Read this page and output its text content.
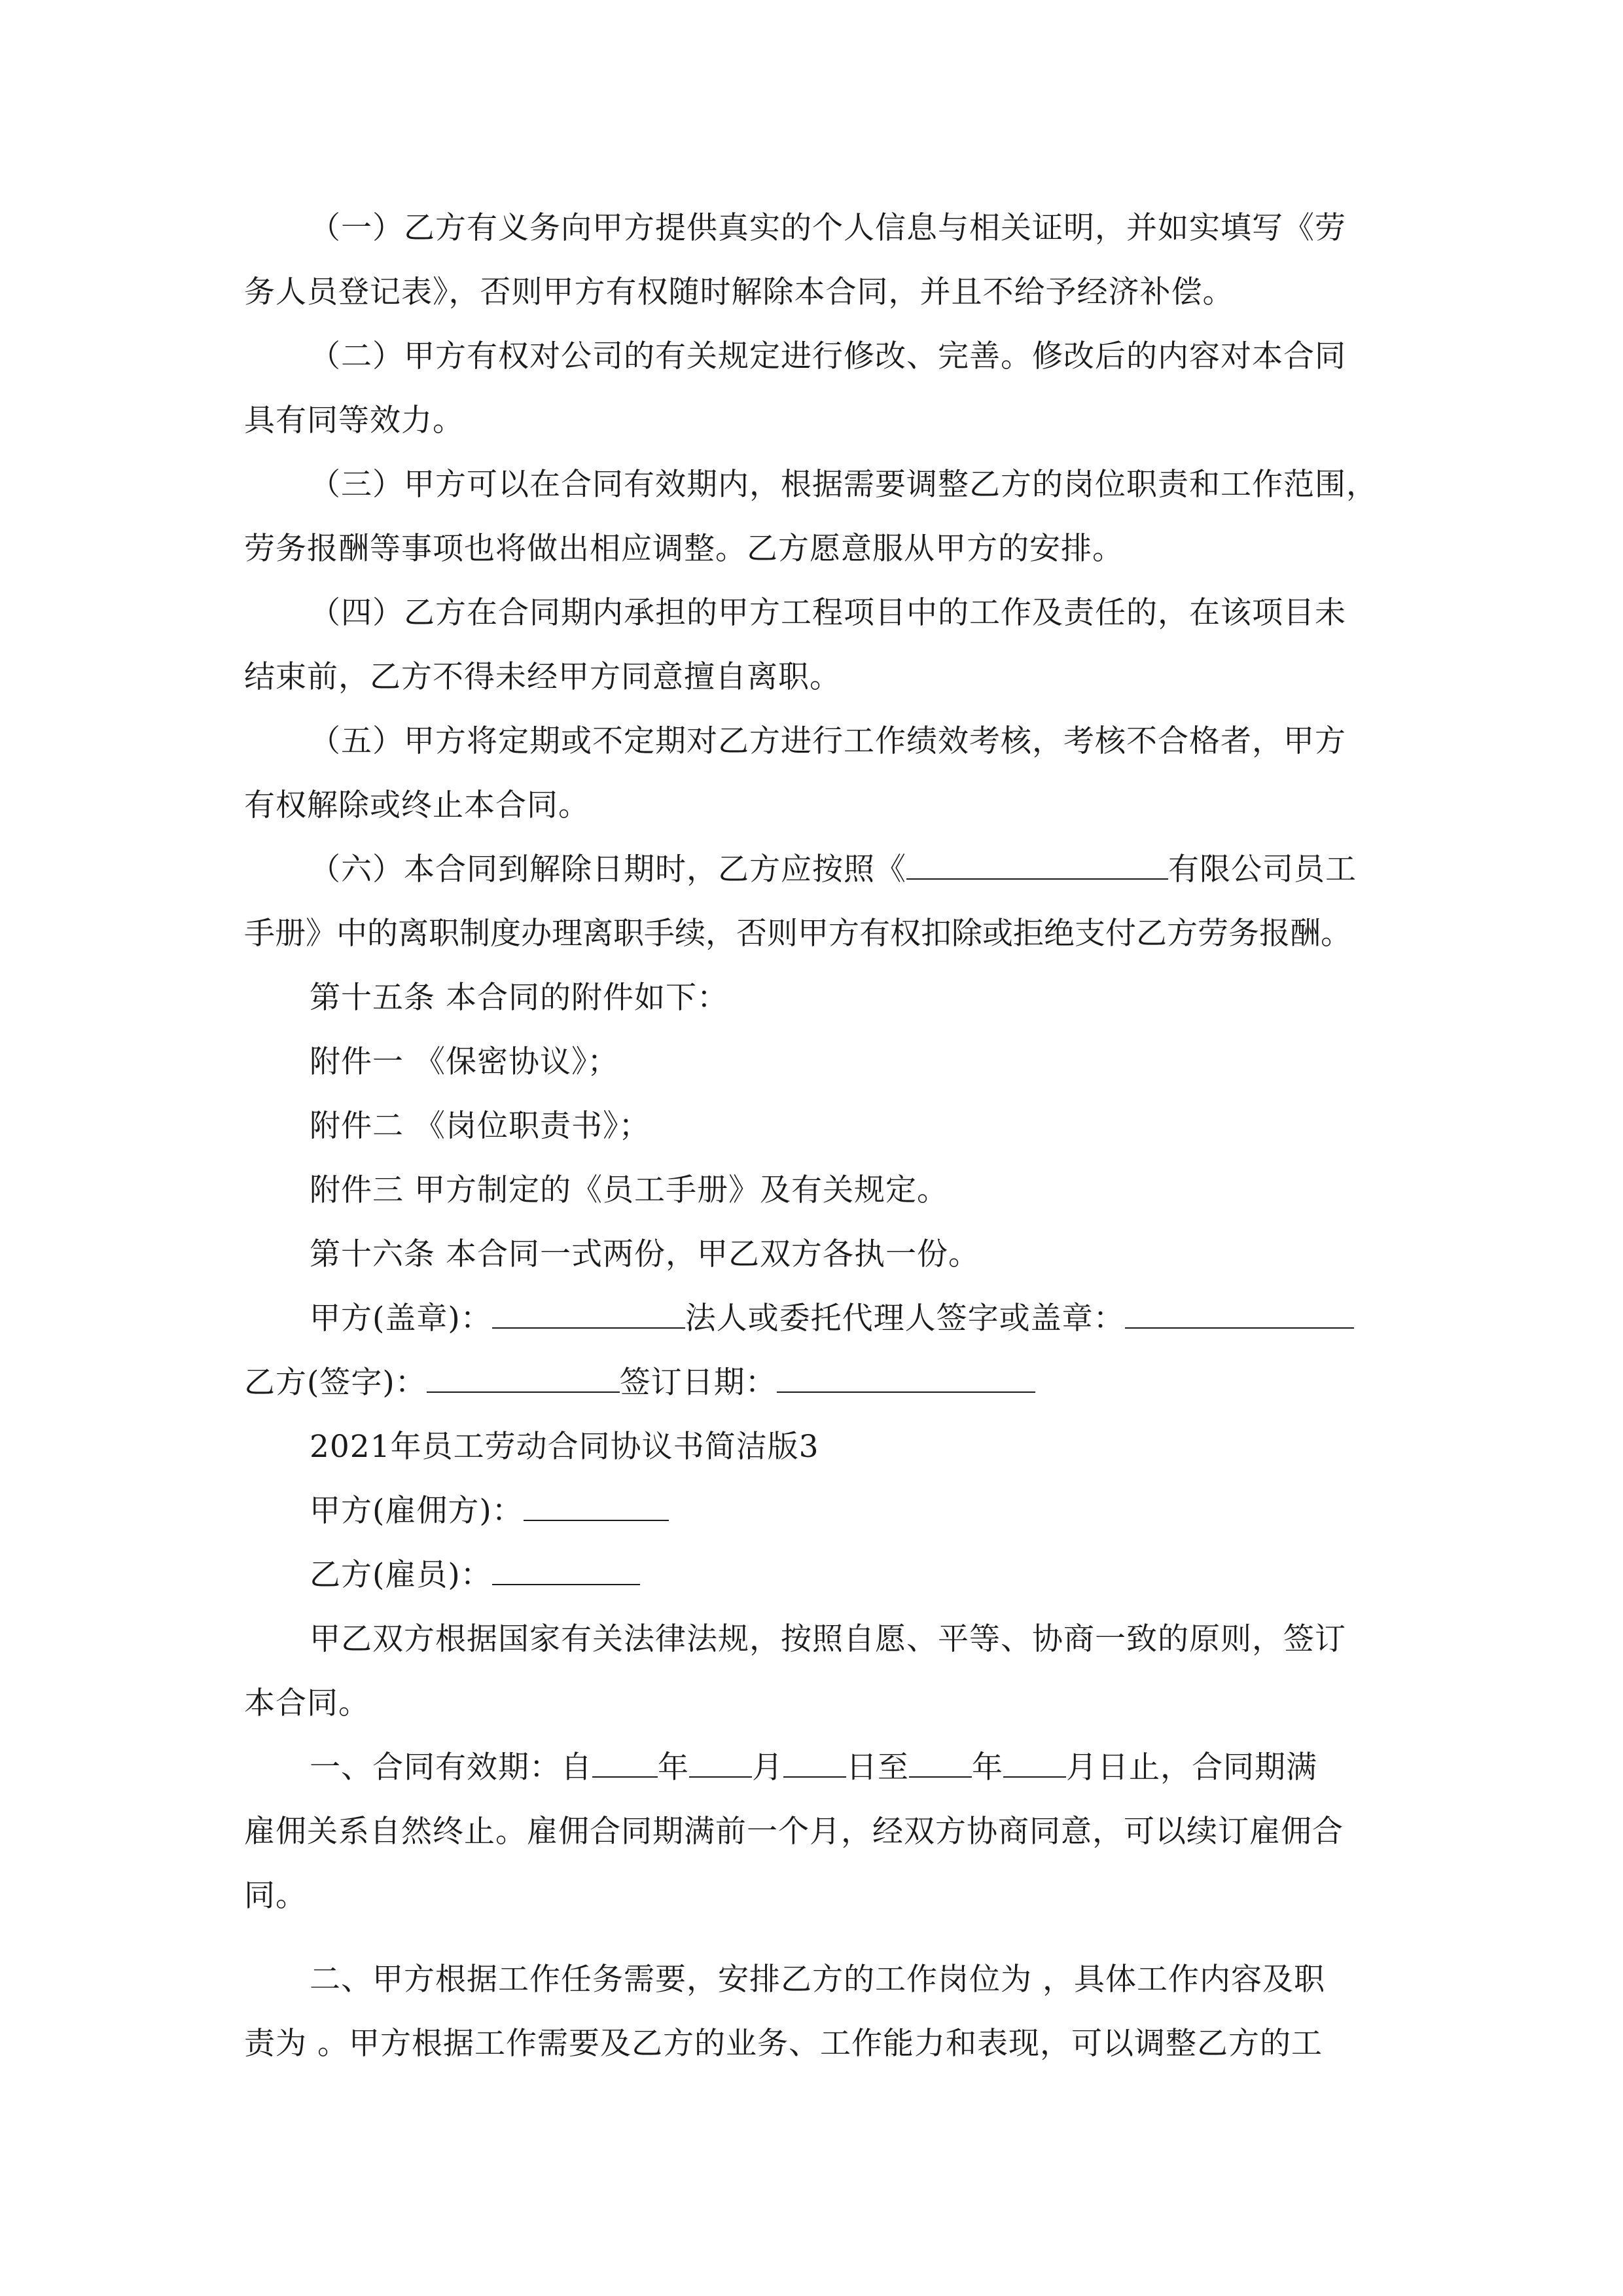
（一）乙方有义务向甲方提供真实的个人信息与相关证明，并如实填写《劳
务人员登记表》，否则甲方有权随时解除本合同，并且不给予经济补偿。
（二）甲方有权对公司的有关规定进行修改、完善。修改后的内容对本合同
具有同等效力。
（三）甲方可以在合同有效期内，根据需要调整乙方的岗位职责和工作范围，
劳务报酬等事项也将做出相应调整。乙方愿意服从甲方的安排。
（四）乙方在合同期内承担的甲方工程项目中的工作及责任的，在该项目未
结束前，乙方不得未经甲方同意擅自离职。
（五）甲方将定期或不定期对乙方进行工作绩效考核，考核不合格者，甲方
有权解除或终止本合同。
（六）本合同到解除日期时，乙方应按照《	有限公司员工
手册》中的离职制度办理离职手续，否则甲方有权扣除或拒绝支付乙方劳务报酬。
第十五条 本合同的附件如下：
附件一 《保密协议》；
附件二 《岗位职责书》；
附件三 甲方制定的《员工手册》及有关规定。
第十六条 本合同一式两份，甲乙双方各执一份。
甲方(盖章)：	法人或委托代理人签字或盖章：
乙方(签字)：	签订日期：
2021年员工劳动合同协议书简洁版3
甲方(雇佣方)：
乙方(雇员)：
甲乙双方根据国家有关法律法规，按照自愿、平等、协商一致的原则，签订
本合同。
一、合同有效期：自 年 月 日至 年 月日止，合同期满
雇佣关系自然终止。雇佣合同期满前一个月，经双方协商同意，可以续订雇佣合
同。
二、甲方根据工作任务需要，安排乙方的工作岗位为 ，具体工作内容及职
责为 。甲方根据工作需要及乙方的业务、工作能力和表现，可以调整乙方的工
